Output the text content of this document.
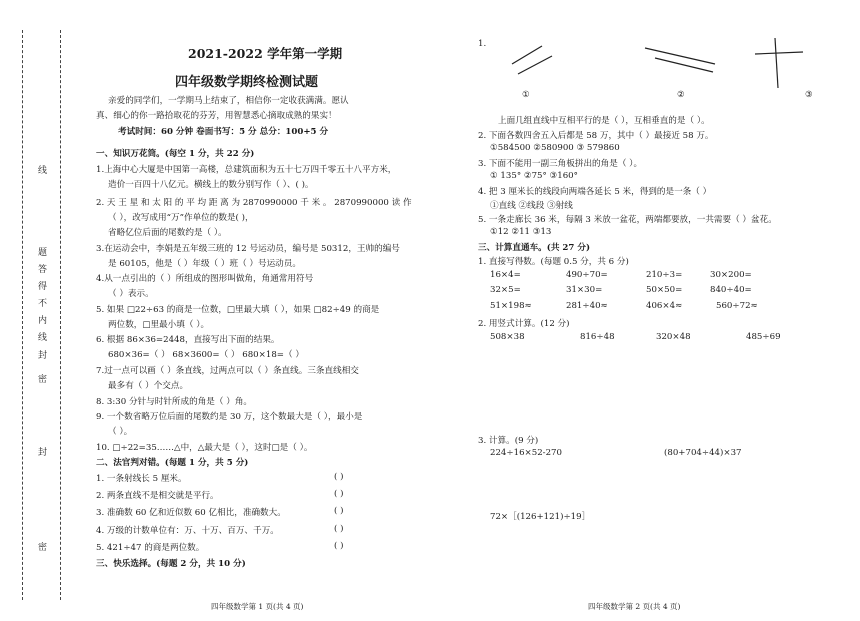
线
题
答
得
不
内
线
封
密
封
密
2021-2022 学年第一学期
四年级数学期终检测试题
亲爱的同学们，一学期马上结束了，相信你一定收获满满。愿认
真、细心的你一路拾取花的芬芳，用智慧悉心摘取成熟的果实！
考试时间：60 分钟 卷面书写：5 分 总分：100+5 分
一、知识万花筒。(每空 1 分，共 22 分)
1.上海中心大厦是中国第一高楼，总建筑面积为五十七万四千零五十八平方米，
造价一百四十八亿元。横线上的数分别写作（ ）、( )。
2. 天 王 星 和 太 阳 的 平 均 距 离 为 2870990000 千 米 。 2870990000 读 作
（ ），改写成用“万”作单位的数是( )，
省略亿位后面的尾数约是（ ）。
3.在运动会中，李娟是五年级三班的 12 号运动员，编号是 50312，王帅的编号
是 60105，他是（ ）年级（ ）班（ ）号运动员。
4.从一点引出的（ ）所组成的图形叫做角，角通常用符号
（ ）表示。
5. 如果 □22÷63 的商是一位数，□里最大填（ ），如果 □82÷49 的商是
两位数，□里最小填（ ）。
6. 根据 86×36=2448，直接写出下面的结果。
680×36=（ ） 68×3600=（ ） 680×18=（ ）
7.过一点可以画（ ）条直线，过两点可以（ ）条直线。三条直线相交
最多有（ ）个交点。
8. 3:30 分针与时针所成的角是（ ）角。
9. 一个数省略万位后面的尾数约是 30 万，这个数最大是（ ），最小是
（ ）。
10. □÷22=35……△中，△最大是（ ），这时□是（ ）。
二、法官判对错。(每题 1 分，共 5 分)
1. 一条射线长 5 厘米。	( )
2. 两条直线不是相交就是平行。	( )
3. 准确数 60 亿和近似数 60 亿相比，准确数大。	( )
4. 万级的计数单位有：万、十万、百万、千万。	( )
5. 421÷47 的商是两位数。	( )
三、快乐选择。(每题 2 分，共 10 分)
四年级数学第 1 页(共 4 页)
1.
①	②	③
上面几组直线中互相平行的是（ ），互相垂直的是（ ）。
2. 下面各数四舍五入后都是 58 万，其中（ ）最接近 58 万。
①584500 ②580900 ③ 579860
3. 下面不能用一副三角板拼出的角是（ ）。
① 135° ②75° ③160°
4. 把 3 厘米长的线段向两端各延长 5 米，得到的是一条（ ）
①直线 ②线段 ③射线
5. 一条走廊长 36 米，每隔 3 米放一盆花，两端都要放，一共需要（ ）盆花。
①12 ②11 ③13
三、计算直通车。(共 27 分)
1. 直接写得数。(每题 0.5 分，共 6 分)
16×4=	490÷70=	210÷3=	30×200=
32×5=	31×30=	50×50=	840÷40=
51×198≈	281÷40≈	406×4≈	560÷72≈
2. 用竖式计算。(12 分)
508×38	816÷48	320×48	485÷69
3. 计算。(9 分)
224÷16×52-270	(80+704÷44)×37
72×［(126+121)÷19］
四年级数学第 2 页(共 4 页)
